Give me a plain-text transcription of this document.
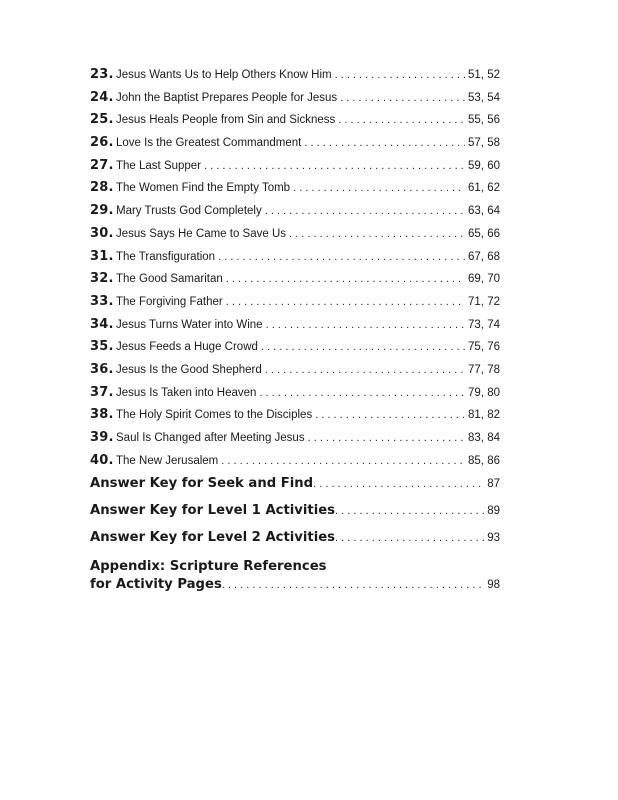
23. Jesus Wants Us to Help Others Know Him . . .	51, 52
24. John the Baptist Prepares People for Jesus . . .	53, 54
25. Jesus Heals People from Sin and Sickness . . .	55, 56
26. Love Is the Greatest Commandment . . .	57, 58
27. The Last Supper . . .	59, 60
28. The Women Find the Empty Tomb . . .	61, 62
29. Mary Trusts God Completely . . .	63, 64
30. Jesus Says He Came to Save Us . . .	65, 66
31. The Transfiguration . . .	67, 68
32. The Good Samaritan . . .	69, 70
33. The Forgiving Father . . .	71, 72
34. Jesus Turns Water into Wine . . .	73, 74
35. Jesus Feeds a Huge Crowd . . .	75, 76
36. Jesus Is the Good Shepherd . . .	77, 78
37. Jesus Is Taken into Heaven . . .	79, 80
38. The Holy Spirit Comes to the Disciples . . .	81, 82
39. Saul Is Changed after Meeting Jesus . . .	83, 84
40. The New Jerusalem . . .	85, 86
Answer Key for Seek and Find . . .	87
Answer Key for Level 1 Activities . . .	89
Answer Key for Level 2 Activities . . .	93
Appendix: Scripture References
for Activity Pages . . .	98
